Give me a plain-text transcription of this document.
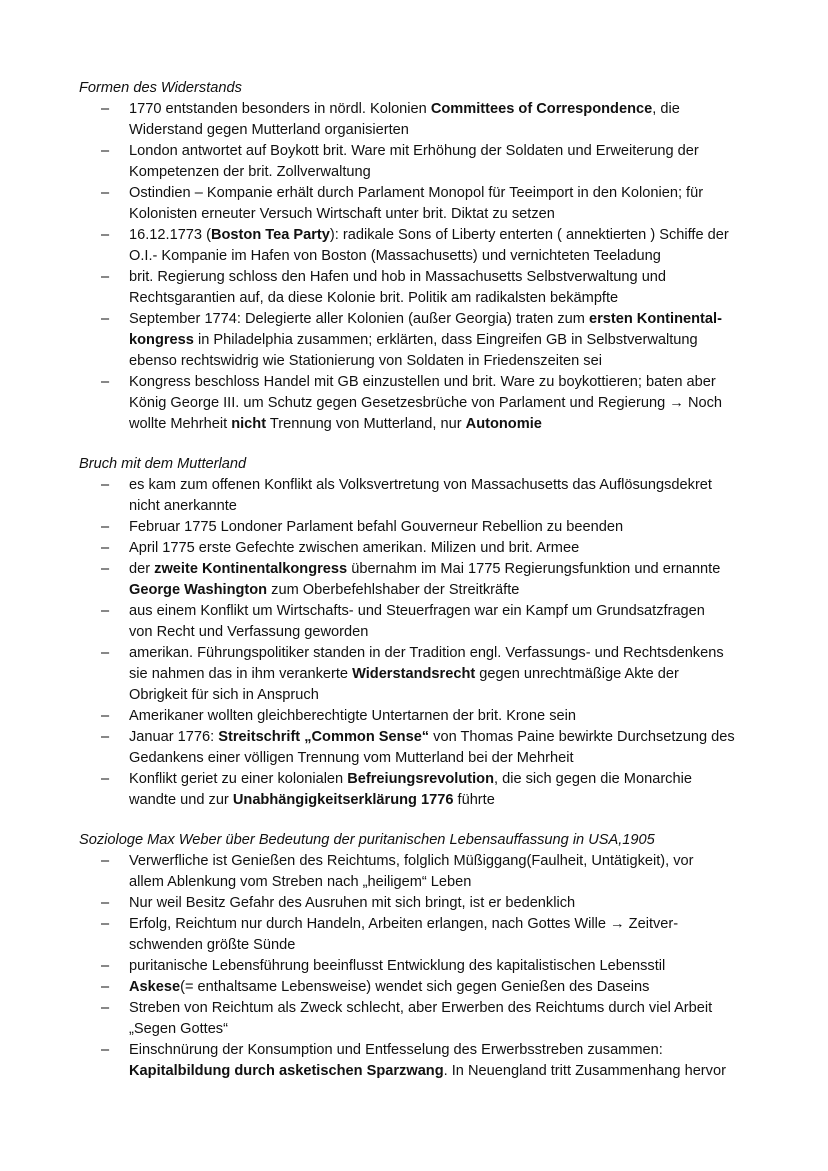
Formen des Widerstands
– 1770 entstanden besonders in nördl. Kolonien Committees of Correspondence, die
Widerstand gegen Mutterland organisierten
– London antwortet auf Boykott brit. Ware mit Erhöhung der Soldaten und Erweiterung der
Kompetenzen der brit. Zollverwaltung
– Ostindien – Kompanie erhält durch Parlament Monopol für Teeimport in den Kolonien; für
Kolonisten erneuter Versuch Wirtschaft unter brit. Diktat zu setzen
– 16.12.1773 (Boston Tea Party): radikale Sons of Liberty enterten ( annektierten ) Schiffe der
O.I.- Kompanie im Hafen von Boston (Massachusetts) und vernichteten Teeladung
– brit. Regierung schloss den Hafen und hob in Massachusetts Selbstverwaltung und
Rechtsgarantien auf, da diese Kolonie brit. Politik am radikalsten bekämpfte
– September 1774: Delegierte aller Kolonien (außer Georgia) traten zum ersten Kontinental-
kongress in Philadelphia zusammen; erklärten, dass Eingreifen GB in Selbstverwaltung
ebenso rechtswidrig wie Stationierung von Soldaten in Friedenszeiten sei
– Kongress beschloss Handel mit GB einzustellen und brit. Ware zu boykottieren; baten aber
König George III. um Schutz gegen Gesetzesbrüche von Parlament und Regierung → Noch
wollte Mehrheit nicht Trennung von Mutterland, nur Autonomie
Bruch mit dem Mutterland
– es kam zum offenen Konflikt als Volksvertretung von Massachusetts das Auflösungsdekret
nicht anerkannte
– Februar 1775 Londoner Parlament befahl Gouverneur Rebellion zu beenden
– April 1775 erste Gefechte zwischen amerikan. Milizen und brit. Armee
– der zweite Kontinentalkongress übernahm im Mai 1775 Regierungsfunktion und ernannte
George Washington zum Oberbefehlshaber der Streitkräfte
– aus einem Konflikt um Wirtschafts- und Steuerfragen war ein Kampf um Grundsatzfragen
von Recht und Verfassung geworden
– amerikan. Führungspolitiker standen in der Tradition engl. Verfassungs- und Rechtsdenkens
sie nahmen das in ihm verankerte Widerstandsrecht gegen unrechtmäßige Akte der
Obrigkeit für sich in Anspruch
– Amerikaner wollten gleichberechtigte Untertarnen der brit. Krone sein
– Januar 1776: Streitschrift „Common Sense“ von Thomas Paine bewirkte Durchsetzung des
Gedankens einer völligen Trennung vom Mutterland bei der Mehrheit
– Konflikt geriet zu einer kolonialen Befreiungsrevolution, die sich gegen die Monarchie
wandte und zur Unabhängigkeitserklärung 1776 führte
Soziologe Max Weber über Bedeutung der puritanischen Lebensauffassung in USA,1905
– Verwerfliche ist Genießen des Reichtums, folglich Müßiggang(Faulheit, Untätigkeit), vor
allem Ablenkung vom Streben nach „heiligem“ Leben
– Nur weil Besitz Gefahr des Ausruhen mit sich bringt, ist er bedenklich
– Erfolg, Reichtum nur durch Handeln, Arbeiten erlangen, nach Gottes Wille → Zeitver-
schwenden größte Sünde
– puritanische Lebensführung beeinflusst Entwicklung des kapitalistischen Lebensstil
– Askese(= enthaltsame Lebensweise) wendet sich gegen Genießen des Daseins
– Streben von Reichtum als Zweck schlecht, aber Erwerben des Reichtums durch viel Arbeit
„Segen Gottes“
– Einschnürung der Konsumption und Entfesselung des Erwerbsstreben zusammen:
Kapitalbildung durch asketischen Sparzwang. In Neuengland tritt Zusammenhang hervor
